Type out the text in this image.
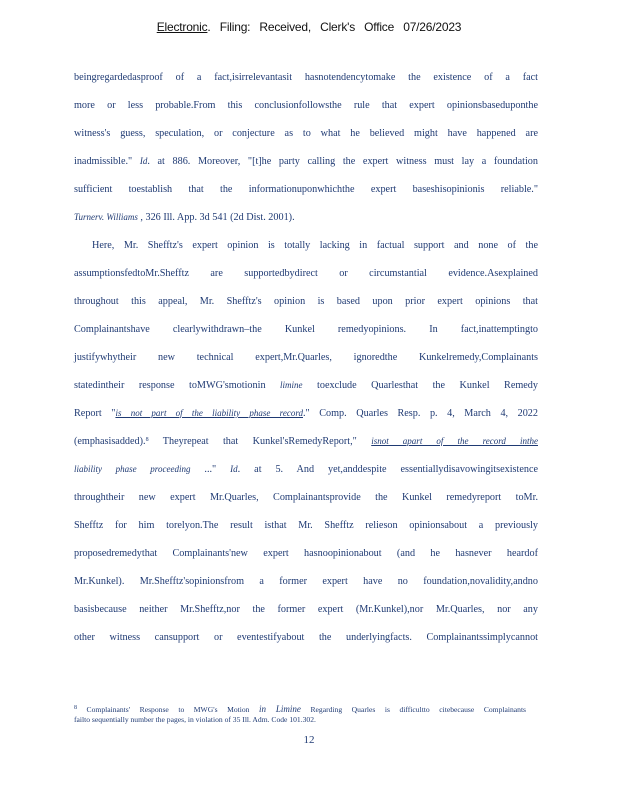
Electronic. Filing: Received, Clerk's Office 07/26/2023
beingregardedasproof of a fact,isirrelevantasit hasnotendencytomake the existence of a fact
more or less probable.From this conclusionfollowsthe rule that expert opinionsbaseduponthe
witness's guess, speculation, or conjecture as to what he believed might have happened are
inadmissible." Id. at 886. Moreover, "[t]he party calling the expert witness must lay a foundation
sufficient toestablish that the informationuponwhichthe expert baseshisopinionis reliable."
Turnerv. Williams , 326 Ill. App. 3d 541 (2d Dist. 2001).
Here, Mr. Shefftz's expert opinion is totally lacking in factual support and none of the
assumptionsfedtoMr.Shefftz are supportedbydirect or circumstantial evidence.Asexplained
throughout this appeal, Mr. Shefftz's opinion is based upon prior expert opinions that
Complainantshave clearlywithdrawn–the Kunkel remedyopinions. In fact,inattemptingto
justifywhytheir new technical expert,Mr.Quarles, ignoredthe Kunkelremedy,Complainants
statedintheir response toMWG'smotionin limine toexclude Quarlesthat the Kunkel Remedy
Report "is not part of the liability phase record." Comp. Quarles Resp. p. 4, March 4, 2022
(emphasisadded).$^8$ Theyrepeat that Kunkel'sRemedyReport," isnot apart of the record inthe
liability phase proceeding ..." Id. at 5. And yet,anddespite essentiallydisavowingitsexistence
throughtheir new expert Mr.Quarles, Complainantsprovide the Kunkel remedyreport toMr.
Shefftz for him torelyon.The result isthat Mr. Shefftz relieson opinionsabout a previously
proposedremedythat Complainants'new expert hasnoopinionabout (and he hasnever heardof
Mr.Kunkel). Mr.Shefftz'sopinionsfrom a former expert have no foundation,novalidity,andno
basisbecause neither Mr.Shefftz,nor the former expert (Mr.Kunkel),nor Mr.Quarles, nor any
other witness cansupport or eventestifyabout the underlyingfacts. Complainantssimplycannot
$^8$ Complainants' Response to MWG's Motion in Limine Regarding Quarles is difficultto citebecause Complainants
failto sequentially number the pages, in violation of 35 Ill. Adm. Code 101.302.
12
